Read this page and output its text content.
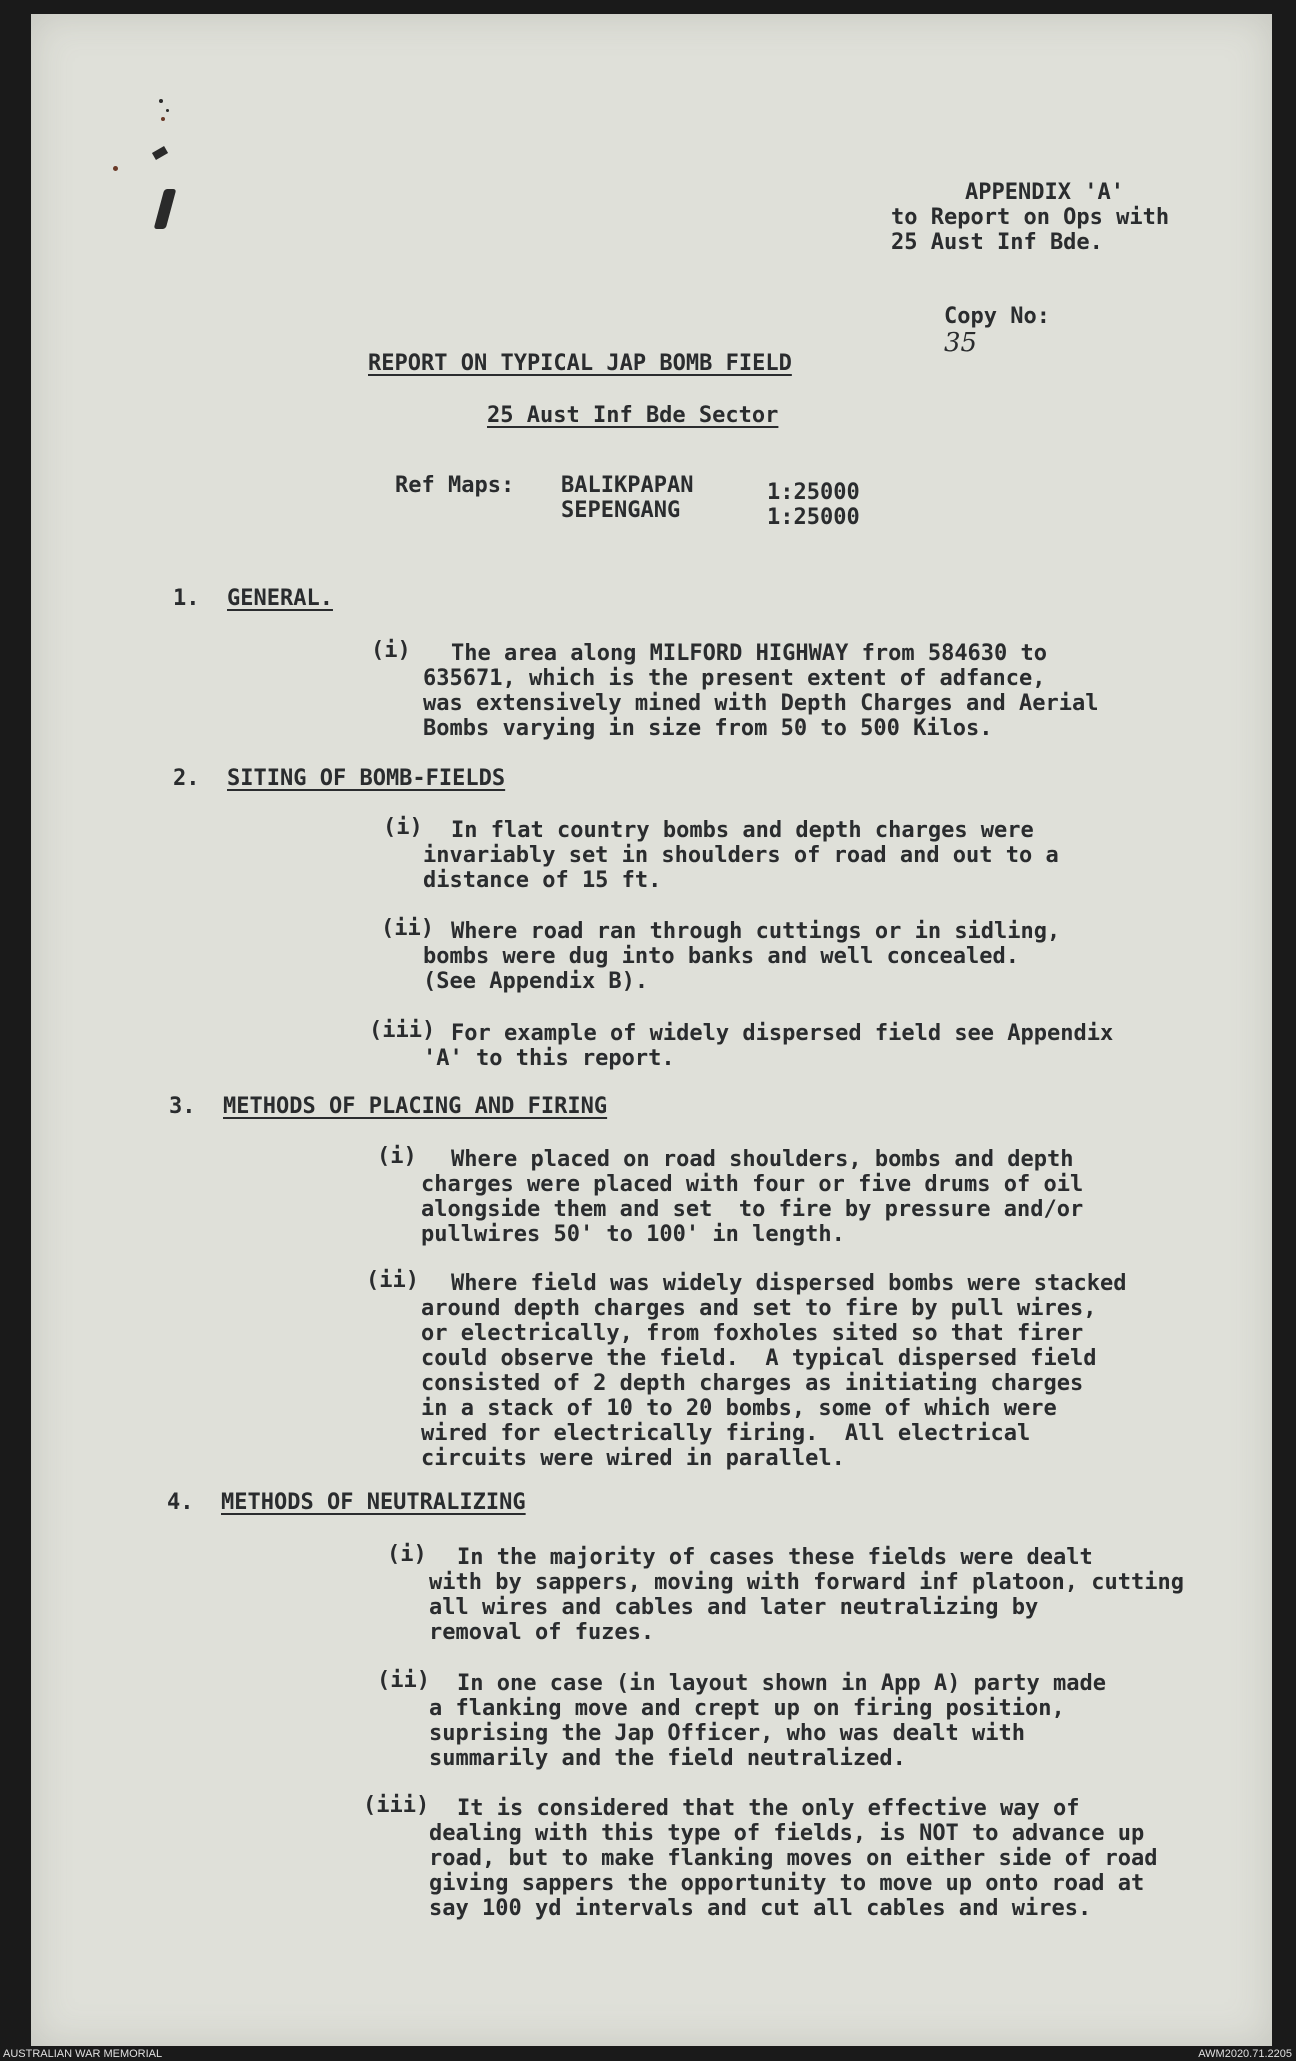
APPENDIX 'A'
to Report on Ops with
25 Aust Inf Bde.

Copy No:
35

REPORT ON TYPICAL JAP BOMB FIELD
25 Aust Inf Bde Sector
Ref Maps: BALIKPAPAN	1:25000
SEPENGANG	1:25000
1. GENERAL.
(i) The area along MILFORD HIGHWAY from 584630 to
635671, which is the present extent of adfance,
was extensively mined with Depth Charges and Aerial
Bombs varying in size from 50 to 500 Kilos.
2. SITING OF BOMB-FIELDS
(i) In flat country bombs and depth charges were
invariably set in shoulders of road and out to a
distance of 15 ft.
(ii) Where road ran through cuttings or in sidling,
bombs were dug into banks and well concealed.
(See Appendix B).
(iii) For example of widely dispersed field see Appendix
'A' to this report.
3. METHODS OF PLACING AND FIRING
(i) Where placed on road shoulders, bombs and depth
charges were placed with four or five drums of oil
alongside them and set  to fire by pressure and/or
pullwires 50' to 100' in length.
(ii) Where field was widely dispersed bombs were stacked
around depth charges and set to fire by pull wires,
or electrically, from foxholes sited so that firer
could observe the field.  A typical dispersed field
consisted of 2 depth charges as initiating charges
in a stack of 10 to 20 bombs, some of which were
wired for electrically firing.  All electrical
circuits were wired in parallel.
4. METHODS OF NEUTRALIZING
(i) In the majority of cases these fields were dealt
with by sappers, moving with forward inf platoon, cutting
all wires and cables and later neutralizing by
removal of fuzes.
(ii) In one case (in layout shown in App A) party made
a flanking move and crept up on firing position,
suprising the Jap Officer, who was dealt with
summarily and the field neutralized.
(iii) It is considered that the only effective way of
dealing with this type of fields, is NOT to advance up
road, but to make flanking moves on either side of road
giving sappers the opportunity to move up onto road at
say 100 yd intervals and cut all cables and wires.
AUSTRALIAN WAR MEMORIAL	AWM2020.71.2205
